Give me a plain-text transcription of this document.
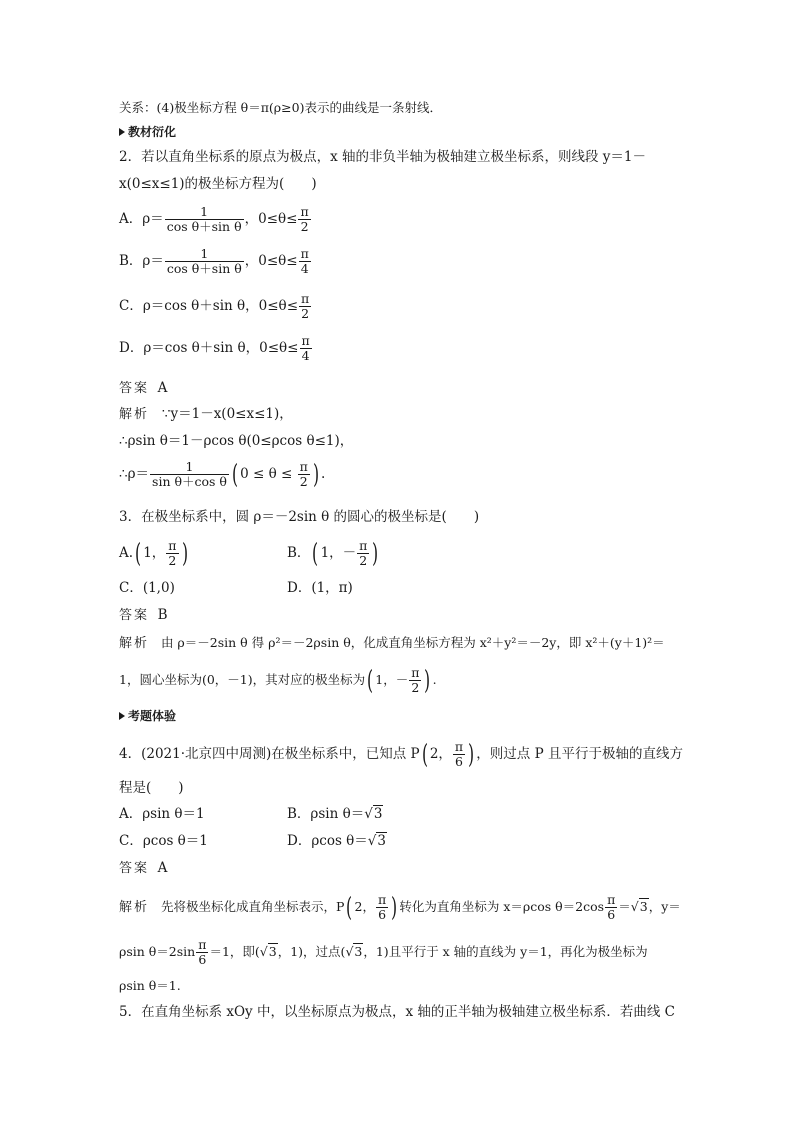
关系：(4)极坐标方程 θ＝π(ρ≥0)表示的曲线是一条射线．
教材衍化
2．若以直角坐标系的原点为极点，x 轴的非负半轴为极轴建立极坐标系，则线段 y＝1－
x(0≤x≤1)的极坐标方程为(　　)
A．$\rho= \frac{1}{\text{cos θ＋sin θ}}$ ，$0\le\theta\le \frac{\pi}{2}$
B．$\rho= \frac{1}{\text{cos θ＋sin θ}}$ ，$0\le\theta\le \frac{\pi}{4}$
C．ρ＝cos θ＋sin θ，$0\le\theta\le \frac{\pi}{2}$
D．ρ＝cos θ＋sin θ，$0\le\theta\le \frac{\pi}{4}$
答案 A
解析 ∵y＝1－x(0≤x≤1)，
∴ρsin θ＝1－ρcos θ(0≤ρcos θ≤1)，
∴ρ＝ $\frac{1}{\text{sin θ＋cos θ}}$ ( $0 \le \theta \le \frac{\pi}{2}$ ) .
3．在极坐标系中，圆 ρ＝－2sin θ 的圆心的极坐标是(　　)
A.( 1， $\frac{\pi}{2}$ )	B．( 1，－ $\frac{\pi}{2}$ )
C．(1,0)	D．(1，π)
答案 B
解析 由 ρ＝－2sin θ 得 ρ²＝－2ρsin θ，化成直角坐标方程为 x²＋y²＝－2y，即 x²＋(y＋1)²＝
1，圆心坐标为(0，－1)，其对应的极坐标为( 1，－ $\frac{\pi}{2}$ ) .
考题体验
4．(2021·北京四中周测)在极坐标系中，已知点 P( 2， $\frac{\pi}{6}$ ) ，则过点 P 且平行于极轴的直线方
程是(　　)
A．ρsin θ＝1	B．ρsin θ＝√3
C．ρcos θ＝1	D．ρcos θ＝√3
答案 A
解析 先将极坐标化成直角坐标表示，P( 2， $\frac{\pi}{6}$ ) 转化为直角坐标为 x＝ρcos $\theta=2\cos \frac{\pi}{6} =√3$，y＝
ρsin $\theta=2\sin \frac{\pi}{6} =1$，即(√3，1)，过点(√3，1)且平行于 x 轴的直线为 y＝1，再化为极坐标为
ρsin θ＝1.
5．在直角坐标系 xOy 中，以坐标原点为极点，x 轴的正半轴为极轴建立极坐标系．若曲线 C
